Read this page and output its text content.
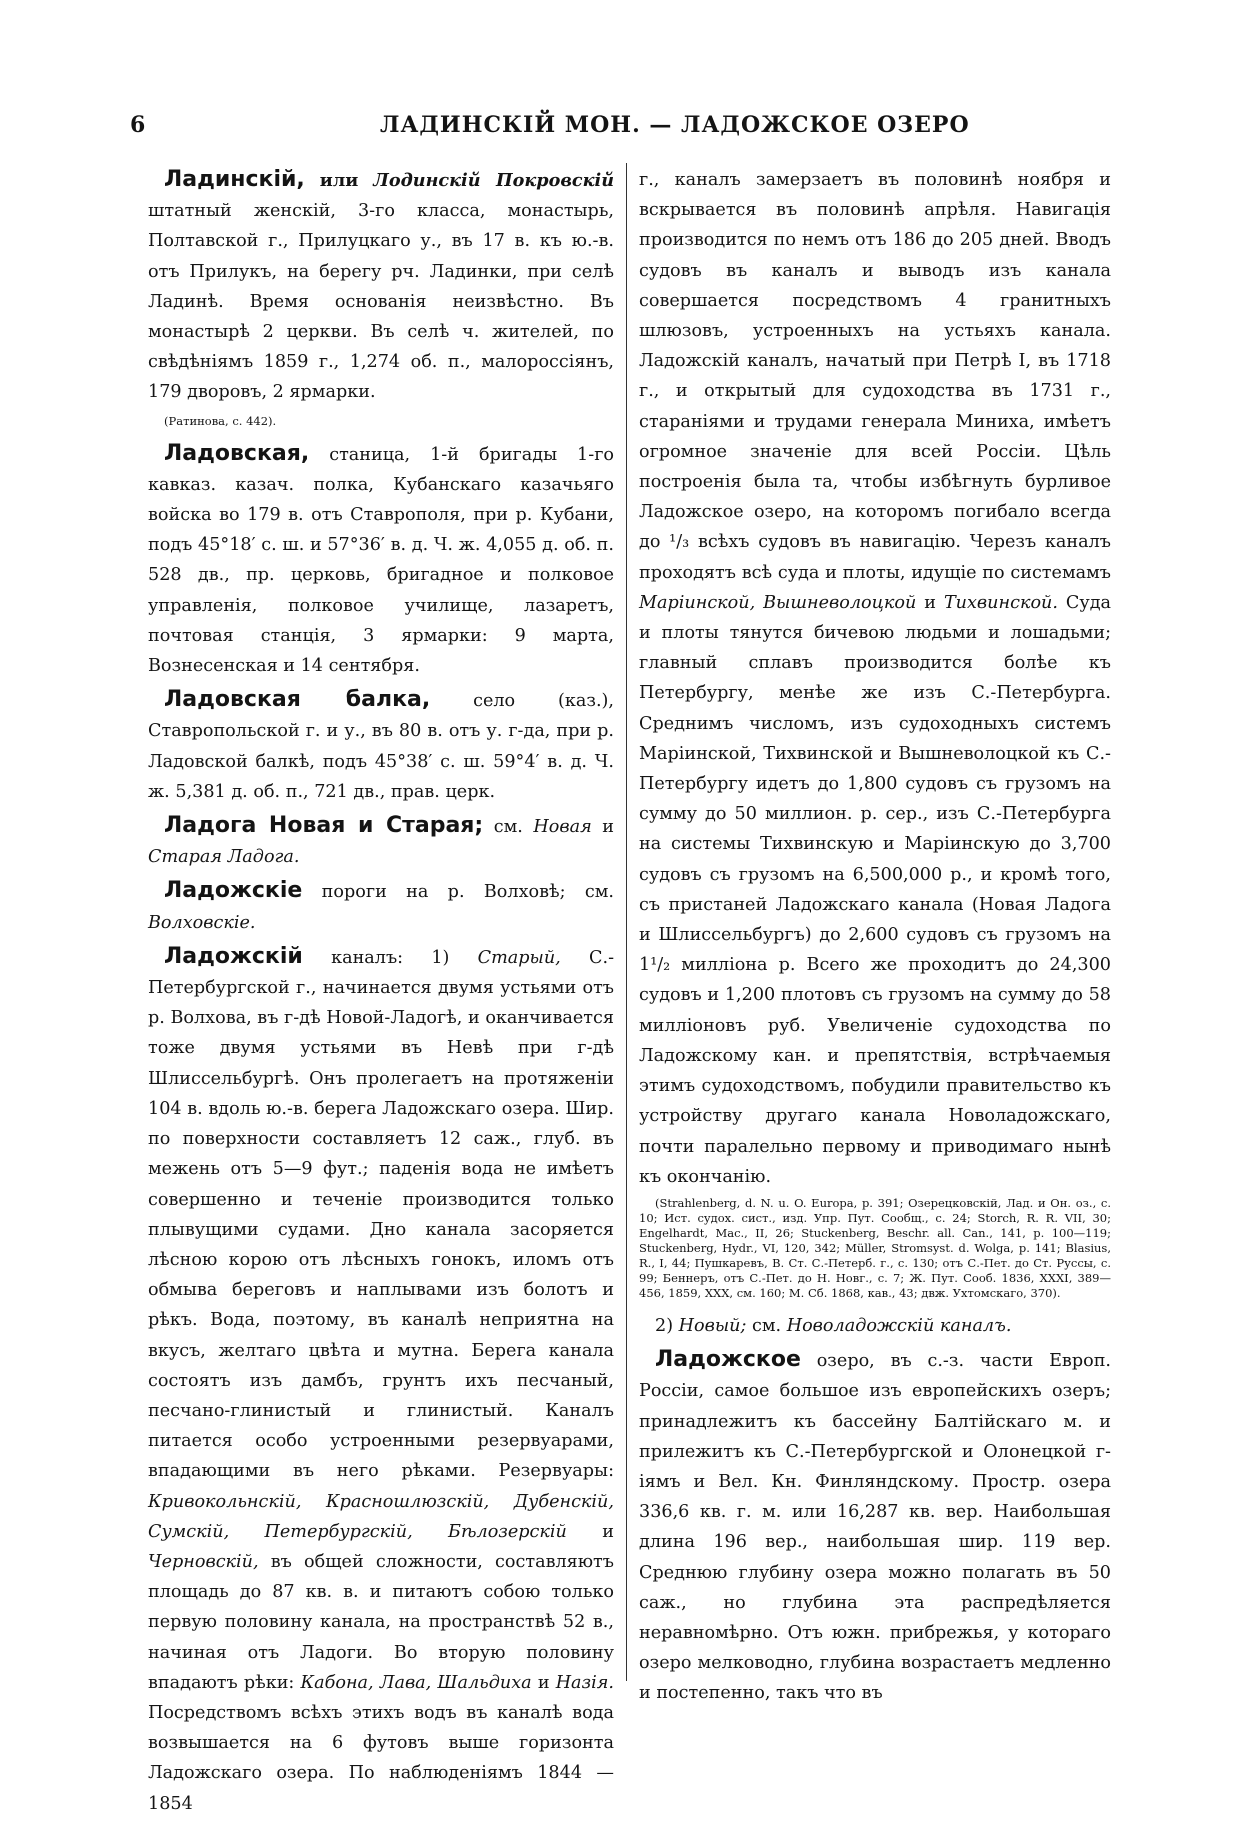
6	ЛАДИНСКІЙ МОН. — ЛАДОЖСКОЕ ОЗЕРО

Ладинскій, или Лодинскій Покровскій штатный женскій, 3-го класса, монастырь, Полтавской г., Прилуцкаго у., въ 17 в. къ ю.-в. отъ Прилукъ, на берегу рч. Ладинки, при селѣ Ладинѣ. Время основанія неизвѣстно. Въ монастырѣ 2 церкви. Въ селѣ ч. жителей, по свѣдѣніямъ 1859 г., 1,274 об. п., малороссіянъ, 179 дворовъ, 2 ярмарки.

(Ратинова, с. 442).

Ладовская, станица, 1-й бригады 1-го кавказ. казач. полка, Кубанскаго казачьяго войска во 179 в. отъ Ставрополя, при р. Кубани, подъ 45°18′ с. ш. и 57°36′ в. д. Ч. ж. 4,055 д. об. п. 528 дв., пр. церковь, бригадное и полковое управленія, полковое училище, лазаретъ, почтовая станція, 3 ярмарки: 9 марта, Вознесенская и 14 сентября.

Ладовская балка, село (каз.), Ставропольской г. и у., въ 80 в. отъ у. г-да, при р. Ладовской балкѣ, подъ 45°38′ с. ш. 59°4′ в. д. Ч. ж. 5,381 д. об. п., 721 дв., прав. церк.

Ладога Новая и Старая; см. Новая и Старая Ладога.

Ладожскіе пороги на р. Волховѣ; см. Волховскіе.

Ладожскій каналъ: 1) Старый, С.-Петербургской г., начинается двумя устьями отъ р. Волхова, въ г-дѣ Новой-Ладогѣ, и оканчивается тоже двумя устьями въ Невѣ при г-дѣ Шлиссельбургѣ. Онъ пролегаетъ на протяженіи 104 в. вдоль ю.-в. берега Ладожскаго озера. Шир. по поверхности составляетъ 12 саж., глуб. въ межень отъ 5—9 фут.; паденія вода не имѣетъ совершенно и теченіе производится только плывущими судами. Дно канала засоряется лѣсною корою отъ лѣсныхъ гонокъ, иломъ отъ обмыва береговъ и наплывами изъ болотъ и рѣкъ. Вода, поэтому, въ каналѣ неприятна на вкусъ, желтаго цвѣта и мутна. Берега канала состоятъ изъ дамбъ, грунтъ ихъ песчаный, песчано-глинистый и глинистый. Каналъ питается особо устроенными резервуарами, впадающими въ него рѣками. Резервуары: Кривокольнскій, Красношлюзскій, Дубенскій, Сумскій, Петербургскій, Бѣлозерскій и Черновскій, въ общей сложности, составляютъ площадь до 87 кв. в. и питаютъ собою только первую половину канала, на пространствѣ 52 в., начиная отъ Ладоги. Во вторую половину впадаютъ рѣки: Кабона, Лава, Шальдиха и Назія. Посредствомъ всѣхъ этихъ водъ въ каналѣ вода возвышается на 6 футовъ выше горизонта Ладожскаго озера. По наблюденіямъ 1844 — 1854

г., каналъ замерзаетъ въ половинѣ ноября и вскрывается въ половинѣ апрѣля. Навигація производится по немъ отъ 186 до 205 дней. Вводъ судовъ въ каналъ и выводъ изъ канала совершается посредствомъ 4 гранитныхъ шлюзовъ, устроенныхъ на устьяхъ канала. Ладожскій каналъ, начатый при Петрѣ I, въ 1718 г., и открытый для судоходства въ 1731 г., стараніями и трудами генерала Миниха, имѣетъ огромное значеніе для всей Россіи. Цѣль построенія была та, чтобы избѣгнуть бурливое Ладожское озеро, на которомъ погибало всегда до ¹/₃ всѣхъ судовъ въ навигацію. Черезъ каналъ проходятъ всѣ суда и плоты, идущіе по системамъ Маріинской, Вышневолоцкой и Тихвинской. Суда и плоты тянутся бичевою людьми и лошадьми; главный сплавъ производится болѣе къ Петербургу, менѣе же изъ С.-Петербурга. Среднимъ числомъ, изъ судоходныхъ системъ Маріинской, Тихвинской и Вышневолоцкой къ С.-Петербургу идетъ до 1,800 судовъ съ грузомъ на сумму до 50 миллион. р. сер., изъ С.-Петербурга на системы Тихвинскую и Маріинскую до 3,700 судовъ съ грузомъ на 6,500,000 р., и кромѣ того, съ пристаней Ладожскаго канала (Новая Ладога и Шлиссельбургъ) до 2,600 судовъ съ грузомъ на 1¹/₂ милліона р. Всего же проходитъ до 24,300 судовъ и 1,200 плотовъ съ грузомъ на сумму до 58 милліоновъ руб. Увеличеніе судоходства по Ладожскому кан. и препятствія, встрѣчаемыя этимъ судоходствомъ, побудили правительство къ устройству другаго канала Новоладожскаго, почти паралельно первому и приводимаго нынѣ къ окончанію.

(Strahlenberg, d. N. u. O. Europa, p. 391; Озерецковскій, Лад. и Он. оз., с. 10; Ист. судох. сист., изд. Упр. Пут. Сообщ., с. 24; Storch, R. R. VII, 30; Engelhardt, Mac., II, 26; Stuckenberg, Beschr. all. Can., 141, p. 100—119; Stuckenberg, Hydr., VI, 120, 342; Müller, Stromsyst. d. Wolga, p. 141; Blasius, R., I, 44; Пушкаревъ, В. Ст. С.-Петерб. г., с. 130; отъ С.-Пет. до Ст. Руссы, с. 99; Беннеръ, отъ С.-Пет. до Н. Новг., с. 7; Ж. Пут. Сооб. 1836, XXXI, 389—456, 1859, XXX, см. 160; М. Сб. 1868, кав., 43; двж. Ухтомскаго, 370).

2) Новый; см. Новоладожскій каналъ.

Ладожское озеро, въ с.-з. части Европ. Россіи, самое большое изъ европейскихъ озеръ; принадлежитъ къ бассейну Балтійскаго м. и прилежитъ къ С.-Петербургской и Олонецкой г-іямъ и Вел. Кн. Финляндскому. Простр. озера 336,6 кв. г. м. или 16,287 кв. вер. Наибольшая длина 196 вер., наибольшая шир. 119 вер. Среднюю глубину озера можно полагать въ 50 саж., но глубина эта распредѣляется неравномѣрно. Отъ южн. прибрежья, у котораго озеро мелководно, глубина возрастаетъ медленно и постепенно, такъ что въ
